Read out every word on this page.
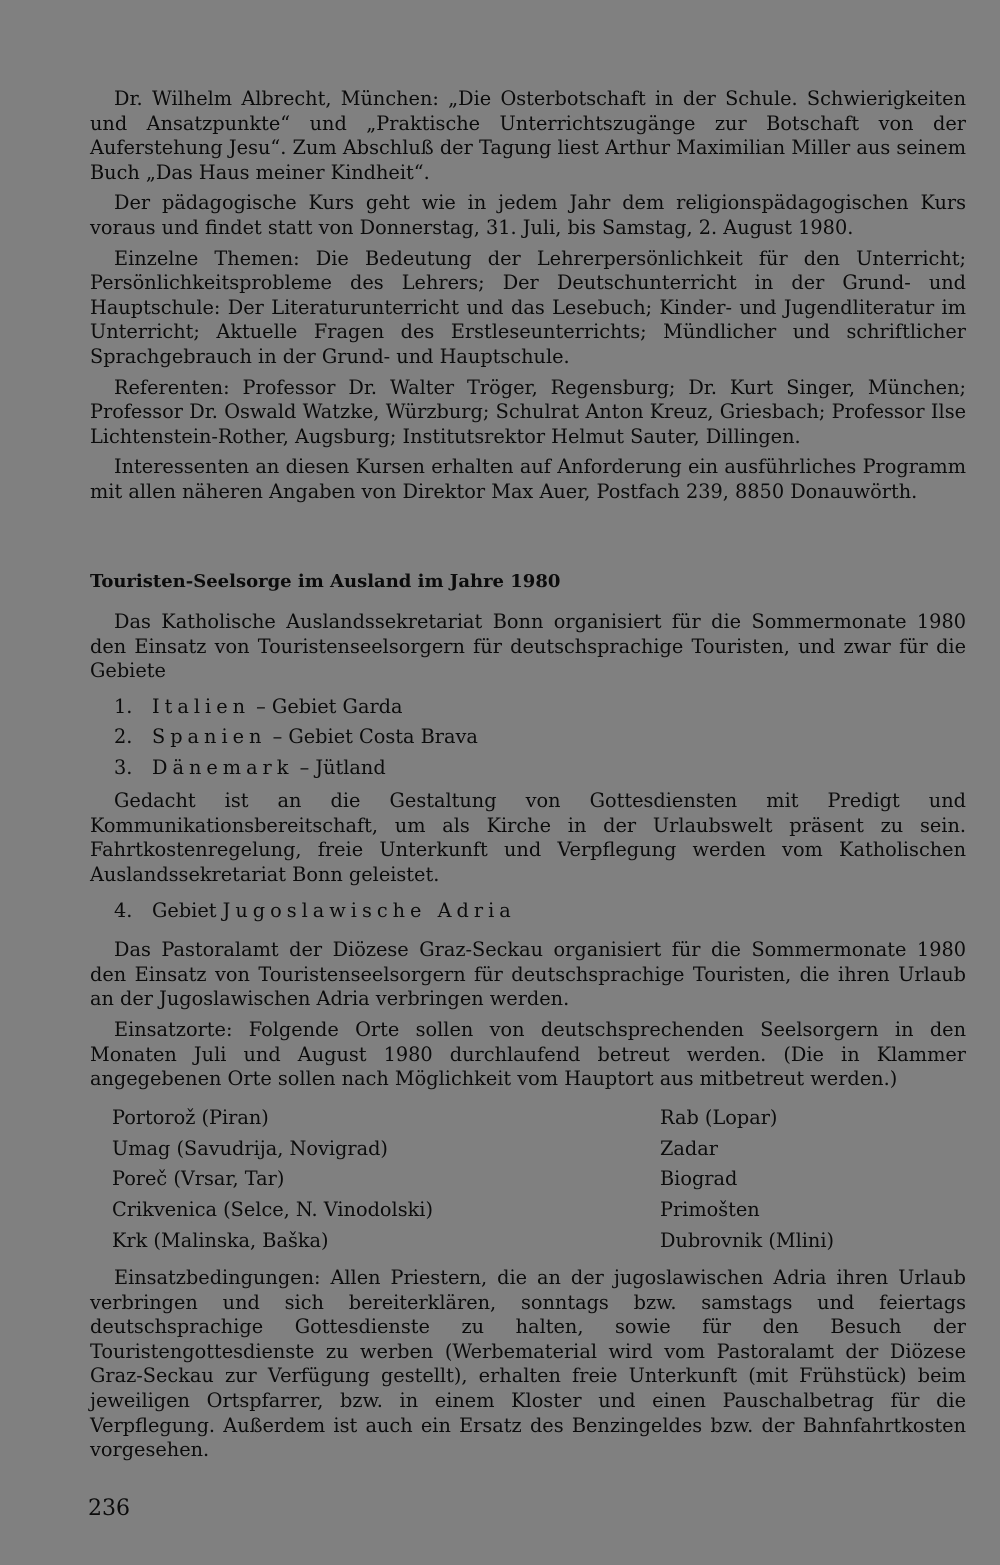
Dr. Wilhelm Albrecht, München: „Die Osterbotschaft in der Schule. Schwierigkeiten und Ansatzpunkte“ und „Praktische Unterrichtszugänge zur Botschaft von der Auferstehung Jesu“. Zum Abschluß der Tagung liest Arthur Maximilian Miller aus seinem Buch „Das Haus meiner Kindheit“.

Der pädagogische Kurs geht wie in jedem Jahr dem religionspädagogischen Kurs voraus und findet statt von Donnerstag, 31. Juli, bis Samstag, 2. August 1980.

Einzelne Themen: Die Bedeutung der Lehrerpersönlichkeit für den Unterricht; Persönlichkeitsprobleme des Lehrers; Der Deutschunterricht in der Grund- und Hauptschule: Der Literaturunterricht und das Lesebuch; Kinder- und Jugendliteratur im Unterricht; Aktuelle Fragen des Erstleseunterrichts; Mündlicher und schriftlicher Sprachgebrauch in der Grund- und Hauptschule.

Referenten: Professor Dr. Walter Tröger, Regensburg; Dr. Kurt Singer, München; Professor Dr. Oswald Watzke, Würzburg; Schulrat Anton Kreuz, Griesbach; Professor Ilse Lichtenstein-Rother, Augsburg; Institutsrektor Helmut Sauter, Dillingen.

Interessenten an diesen Kursen erhalten auf Anforderung ein ausführliches Programm mit allen näheren Angaben von Direktor Max Auer, Postfach 239, 8850 Donauwörth.

Touristen-Seelsorge im Ausland im Jahre 1980

Das Katholische Auslandssekretariat Bonn organisiert für die Sommermonate 1980 den Einsatz von Touristenseelsorgern für deutschsprachige Touristen, und zwar für die Gebiete

1. Italien – Gebiet Garda
2. Spanien – Gebiet Costa Brava
3. Dänemark – Jütland

Gedacht ist an die Gestaltung von Gottesdiensten mit Predigt und Kommunikationsbereitschaft, um als Kirche in der Urlaubswelt präsent zu sein. Fahrtkostenregelung, freie Unterkunft und Verpflegung werden vom Katholischen Auslandssekretariat Bonn geleistet.

4. Gebiet Jugoslawische Adria

Das Pastoralamt der Diözese Graz-Seckau organisiert für die Sommermonate 1980 den Einsatz von Touristenseelsorgern für deutschsprachige Touristen, die ihren Urlaub an der Jugoslawischen Adria verbringen werden.

Einsatzorte: Folgende Orte sollen von deutschsprechenden Seelsorgern in den Monaten Juli und August 1980 durchlaufend betreut werden. (Die in Klammer angegebenen Orte sollen nach Möglichkeit vom Hauptort aus mitbetreut werden.)

Portorož (Piran)	Rab (Lopar)
Umag (Savudrija, Novigrad)	Zadar
Poreč (Vrsar, Tar)	Biograd
Crikvenica (Selce, N. Vinodolski)	Primošten
Krk (Malinska, Baška)	Dubrovnik (Mlini)

Einsatzbedingungen: Allen Priestern, die an der jugoslawischen Adria ihren Urlaub verbringen und sich bereiterklären, sonntags bzw. samstags und feiertags deutschsprachige Gottesdienste zu halten, sowie für den Besuch der Touristengottesdienste zu werben (Werbematerial wird vom Pastoralamt der Diözese Graz-Seckau zur Verfügung gestellt), erhalten freie Unterkunft (mit Frühstück) beim jeweiligen Ortspfarrer, bzw. in einem Kloster und einen Pauschalbetrag für die Verpflegung. Außerdem ist auch ein Ersatz des Benzingeldes bzw. der Bahnfahrtkosten vorgesehen.

236
